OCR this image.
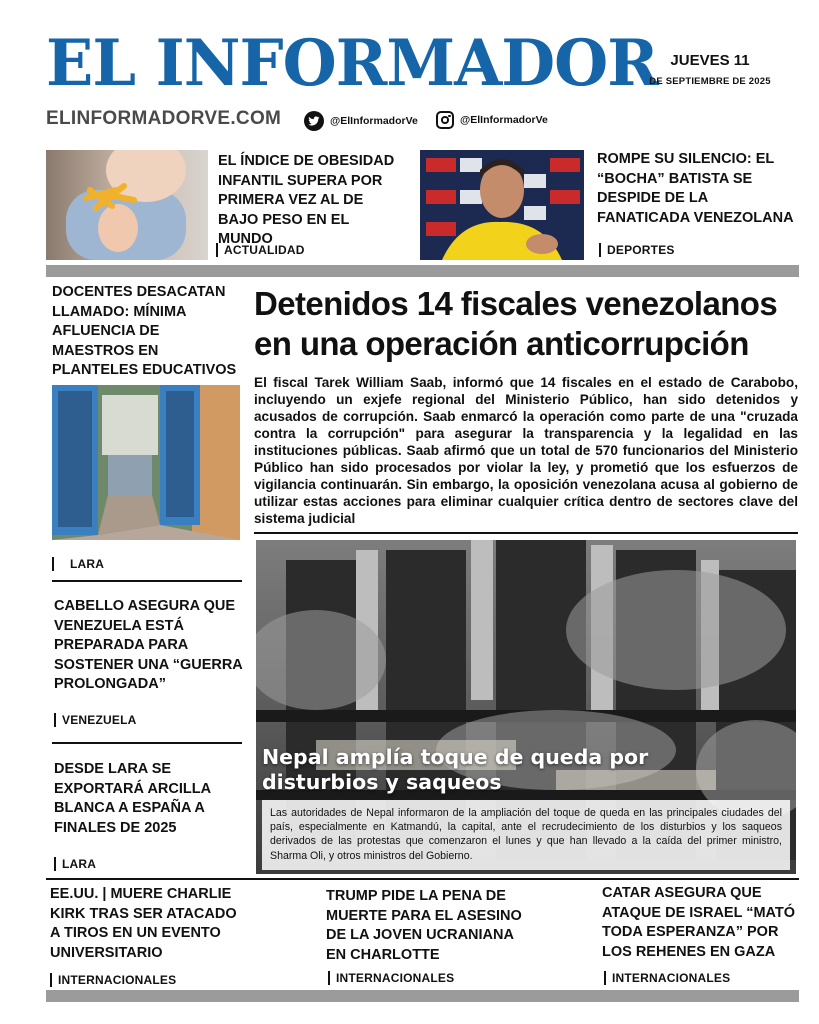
EL INFORMADOR JUEVES 11
DE SEPTIEMBRE DE 2025
ELINFORMADORVE.COM	@ElInformadorVe	@ElInformadorVe
EL ÍNDICE DE OBESIDAD INFANTIL SUPERA POR PRIMERA VEZ AL DE BAJO PESO EN EL MUNDO
ACTUALIDAD
ROMPE SU SILENCIO: EL “BOCHA” BATISTA SE DESPIDE DE LA FANATICADA VENEZOLANA
DEPORTES
DOCENTES DESACATAN LLAMADO: MÍNIMA AFLUENCIA DE MAESTROS EN PLANTELES EDUCATIVOS
LARA
CABELLO ASEGURA QUE VENEZUELA ESTÁ PREPARADA PARA SOSTENER UNA “GUERRA PROLONGADA”
VENEZUELA
DESDE LARA SE EXPORTARÁ ARCILLA BLANCA A ESPAÑA A FINALES DE 2025
LARA
Detenidos 14 fiscales venezolanos en una operación anticorrupción
El fiscal Tarek William Saab, informó que 14 fiscales en el estado de Carabobo, incluyendo un exjefe regional del Ministerio Público, han sido detenidos y acusados de corrupción. Saab enmarcó la operación como parte de una "cruzada contra la corrupción" para asegurar la transparencia y la legalidad en las instituciones públicas. Saab afirmó que un total de 570 funcionarios del Ministerio Público han sido procesados por violar la ley, y prometió que los esfuerzos de vigilancia continuarán. Sin embargo, la oposición venezolana acusa al gobierno de utilizar estas acciones para eliminar cualquier crítica dentro de sectores clave del sistema judicial
Nepal amplía toque de queda por disturbios y saqueos
Las autoridades de Nepal informaron de la ampliación del toque de queda en las principales ciudades del país, especialmente en Katmandú, la capital, ante el recrudecimiento de los disturbios y los saqueos derivados de las protestas que comenzaron el lunes y que han llevado a la caída del primer ministro, Sharma Oli, y otros ministros del Gobierno.
EE.UU. | MUERE CHARLIE KIRK TRAS SER ATACADO A TIROS EN UN EVENTO UNIVERSITARIO
INTERNACIONALES
TRUMP PIDE LA PENA DE MUERTE PARA EL ASESINO DE LA JOVEN UCRANIANA EN CHARLOTTE
INTERNACIONALES
CATAR ASEGURA QUE ATAQUE DE ISRAEL “MATÓ TODA ESPERANZA” POR LOS REHENES EN GAZA
INTERNACIONALES
